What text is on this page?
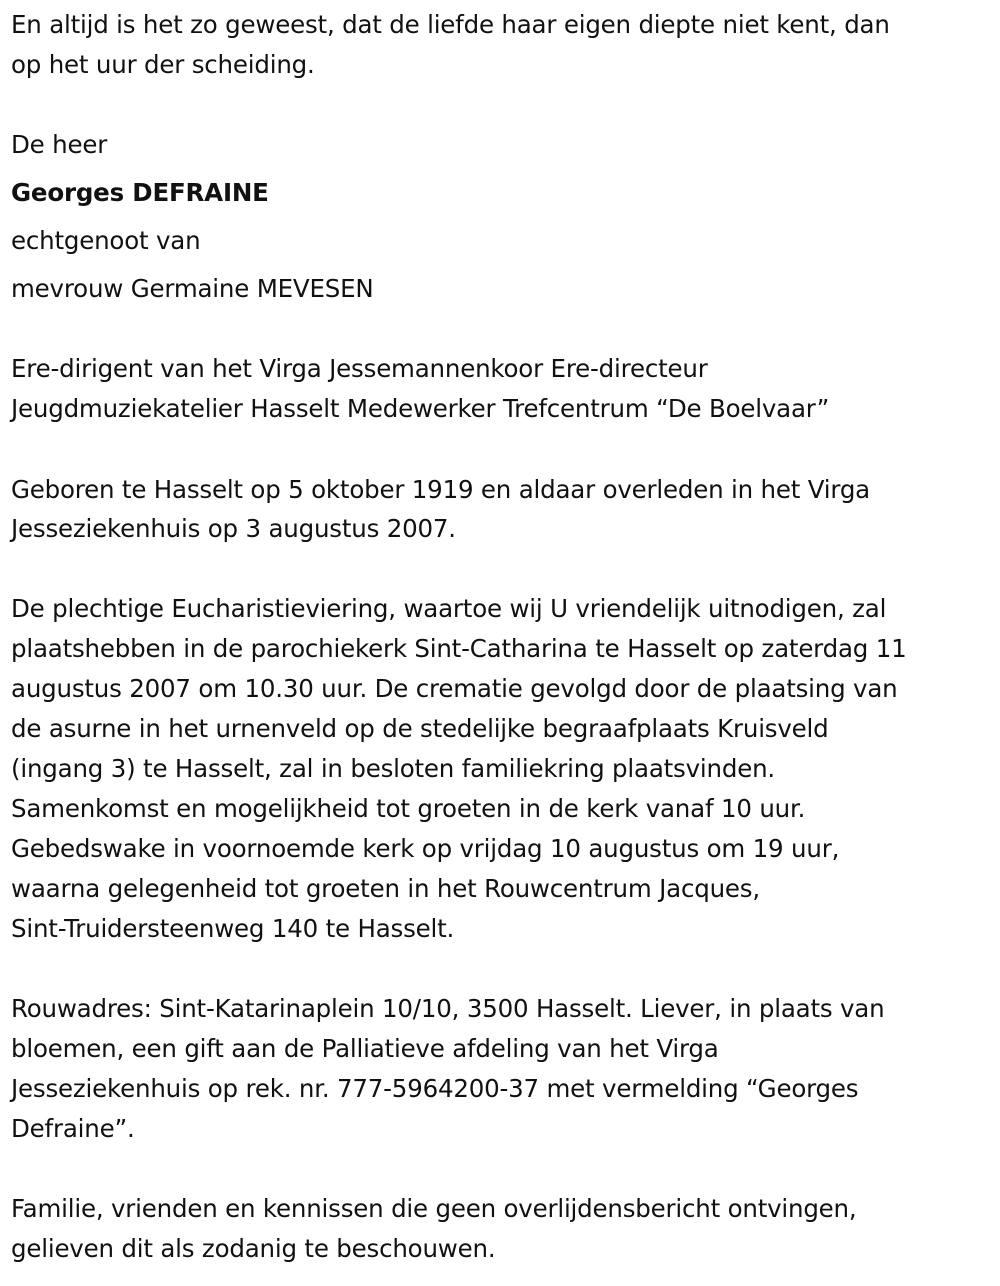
En altijd is het zo geweest, dat de liefde haar eigen diepte niet kent, dan
op het uur der scheiding.
De heer
Georges DEFRAINE
echtgenoot van
mevrouw Germaine MEVESEN
Ere-dirigent van het Virga Jessemannenkoor Ere-directeur
Jeugdmuziekatelier Hasselt Medewerker Trefcentrum “De Boelvaar”
Geboren te Hasselt op 5 oktober 1919 en aldaar overleden in het Virga
Jesseziekenhuis op 3 augustus 2007.
De plechtige Eucharistieviering, waartoe wij U vriendelijk uitnodigen, zal
plaatshebben in de parochiekerk Sint-Catharina te Hasselt op zaterdag 11
augustus 2007 om 10.30 uur. De crematie gevolgd door de plaatsing van
de asurne in het urnenveld op de stedelijke begraafplaats Kruisveld
(ingang 3) te Hasselt, zal in besloten familiekring plaatsvinden.
Samenkomst en mogelijkheid tot groeten in de kerk vanaf 10 uur.
Gebedswake in voornoemde kerk op vrijdag 10 augustus om 19 uur,
waarna gelegenheid tot groeten in het Rouwcentrum Jacques,
Sint-Truidersteenweg 140 te Hasselt.
Rouwadres: Sint-Katarinaplein 10/10, 3500 Hasselt. Liever, in plaats van
bloemen, een gift aan de Palliatieve afdeling van het Virga
Jesseziekenhuis op rek. nr. 777-5964200-37 met vermelding “Georges
Defraine”.
Familie, vrienden en kennissen die geen overlijdensbericht ontvingen,
gelieven dit als zodanig te beschouwen.
